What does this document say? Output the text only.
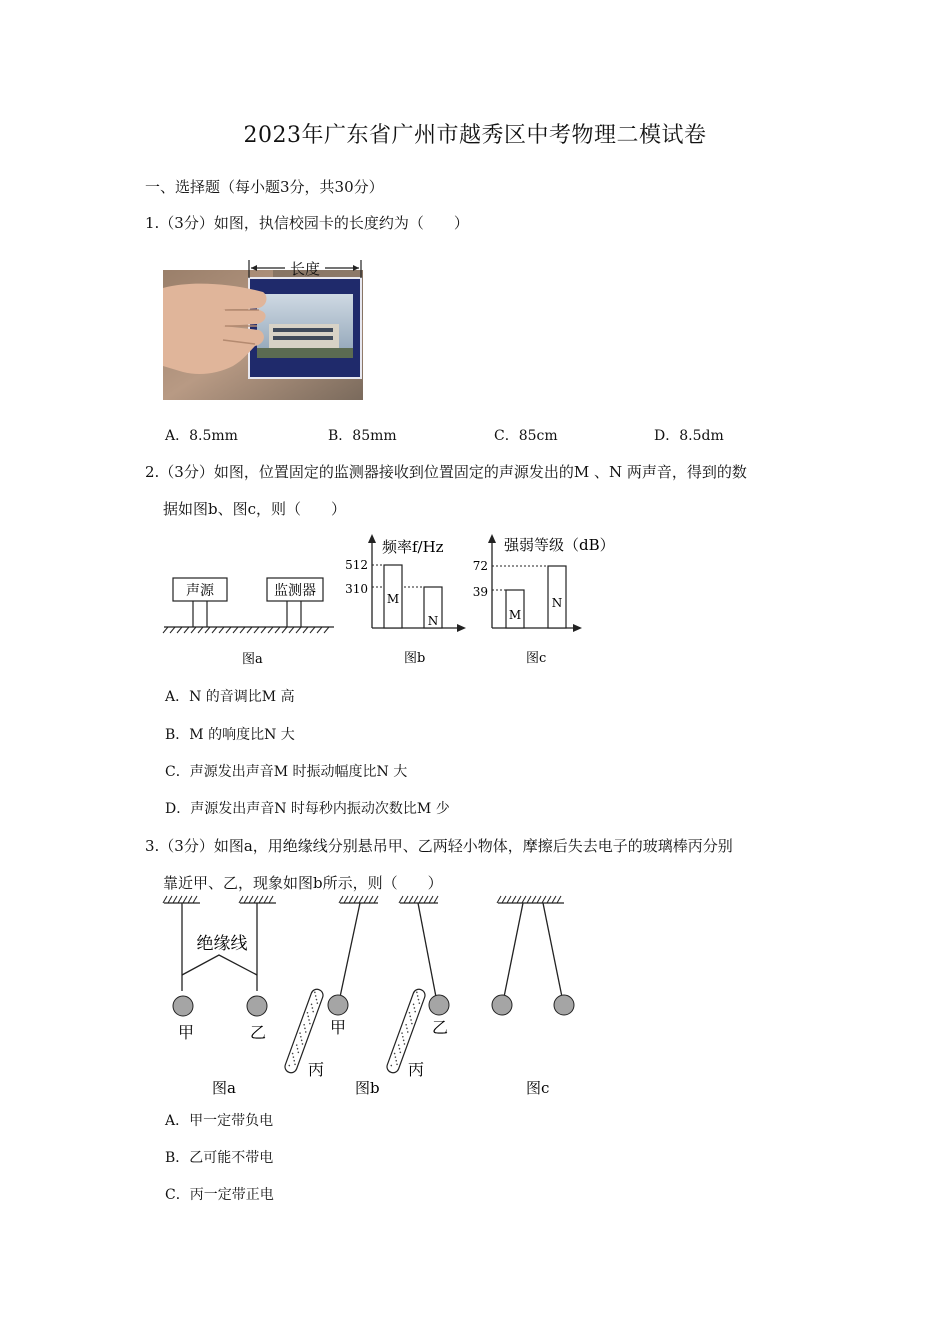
2023年广东省广州市越秀区中考物理二模试卷
一、选择题（每小题3分，共30分）
1.（3分）如图，执信校园卡的长度约为（　　）
长度
A．8.5mm	B．85mm	C．85cm	D．8.5dm
2.（3分）如图，位置固定的监测器接收到位置固定的声源发出的M 、N 两声音，得到的数
据如图b、图c，则（　　）
声源	监测器
图a
频率f/Hz
512
310
M
N
图b
强弱等级（dB）
72
39
M
N
图c
A．N 的音调比M 高
B．M 的响度比N 大
C．声源发出声音M 时振动幅度比N 大
D．声源发出声音N 时每秒内振动次数比M 少
3.（3分）如图a，用绝缘线分别悬吊甲、乙两轻小物体，摩擦后失去电子的玻璃棒丙分别
靠近甲、乙，现象如图b所示，则（　　）
绝缘线
甲	乙
图a
甲
丙
乙
丙
图b	图c
A．甲一定带负电
B．乙可能不带电
C．丙一定带正电
